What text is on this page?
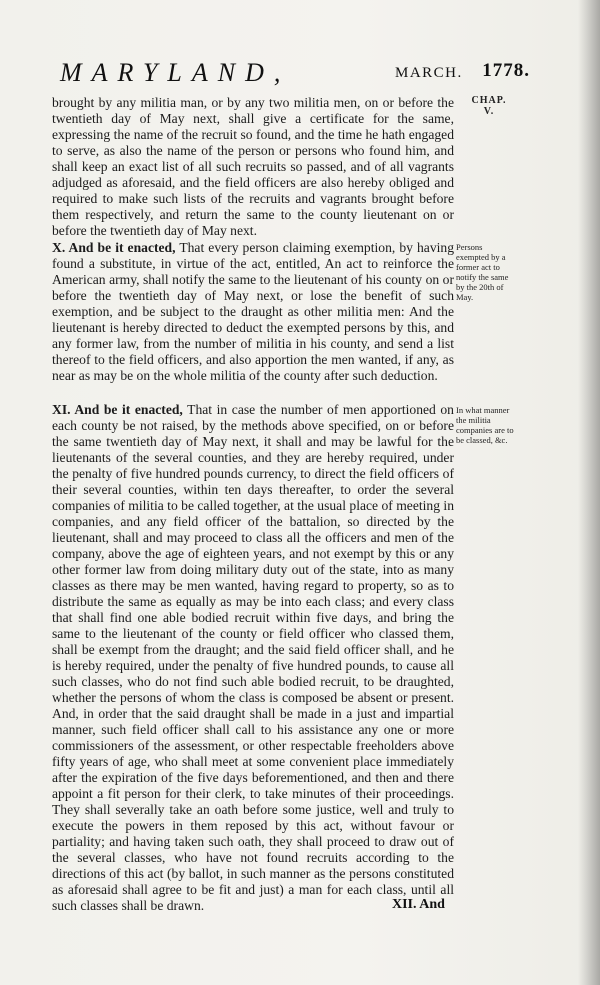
MARYLAND,	MARCH. 1778.
CHAP.
V.

brought by any militia man, or by any two militia men, on or before the twentieth day of May next, shall give a certificate for the same, expressing the name of the recruit so found, and the time he hath engaged to serve, as also the name of the person or persons who found him, and shall keep an exact list of all such recruits so passed, and of all vagrants adjudged as aforesaid, and the field officers are also hereby obliged and required to make such lists of the recruits and vagrants brought before them respectively, and return the same to the county lieutenant on or before the twentieth day of May next.

X. And be it enacted, That every person claiming exemption, by having found a substitute, in virtue of the act, entitled, An act to reinforce the American army, shall notify the same to the lieutenant of his county on or before the twentieth day of May next, or lose the benefit of such exemption, and be subject to the draught as other militia men: And the lieutenant is hereby directed to deduct the exempted persons by this, and any former law, from the number of militia in his county, and send a list thereof to the field officers, and also apportion the men wanted, if any, as near as may be on the whole militia of the county after such deduction.

Persons exempted by a former act to notify the same by the 20th of May.

XI. And be it enacted, That in case the number of men apportioned on each county be not raised, by the methods above specified, on or before the same twentieth day of May next, it shall and may be lawful for the lieutenants of the several counties, and they are hereby required, under the penalty of five hundred pounds currency, to direct the field officers of their several counties, within ten days thereafter, to order the several companies of militia to be called together, at the usual place of meeting in companies, and any field officer of the battalion, so directed by the lieutenant, shall and may proceed to class all the officers and men of the company, above the age of eighteen years, and not exempt by this or any other former law from doing military duty out of the state, into as many classes as there may be men wanted, having regard to property, so as to distribute the same as equally as may be into each class; and every class that shall find one able bodied recruit within five days, and bring the same to the lieutenant of the county or field officer who classed them, shall be exempt from the draught; and the said field officer shall, and he is hereby required, under the penalty of five hundred pounds, to cause all such classes, who do not find such able bodied recruit, to be draughted, whether the persons of whom the class is composed be absent or present. And, in order that the said draught shall be made in a just and impartial manner, such field officer shall call to his assistance any one or more commissioners of the assessment, or other respectable freeholders above fifty years of age, who shall meet at some convenient place immediately after the expiration of the five days beforementioned, and then and there appoint a fit person for their clerk, to take minutes of their proceedings. They shall severally take an oath before some justice, well and truly to execute the powers in them reposed by this act, without favour or partiality; and having taken such oath, they shall proceed to draw out of the several classes, who have not found recruits according to the directions of this act (by ballot, in such manner as the persons constituted as aforesaid shall agree to be fit and just) a man for each class, until all such classes shall be drawn.

In what manner the militia companies are to be classed, &c.
XII. And
